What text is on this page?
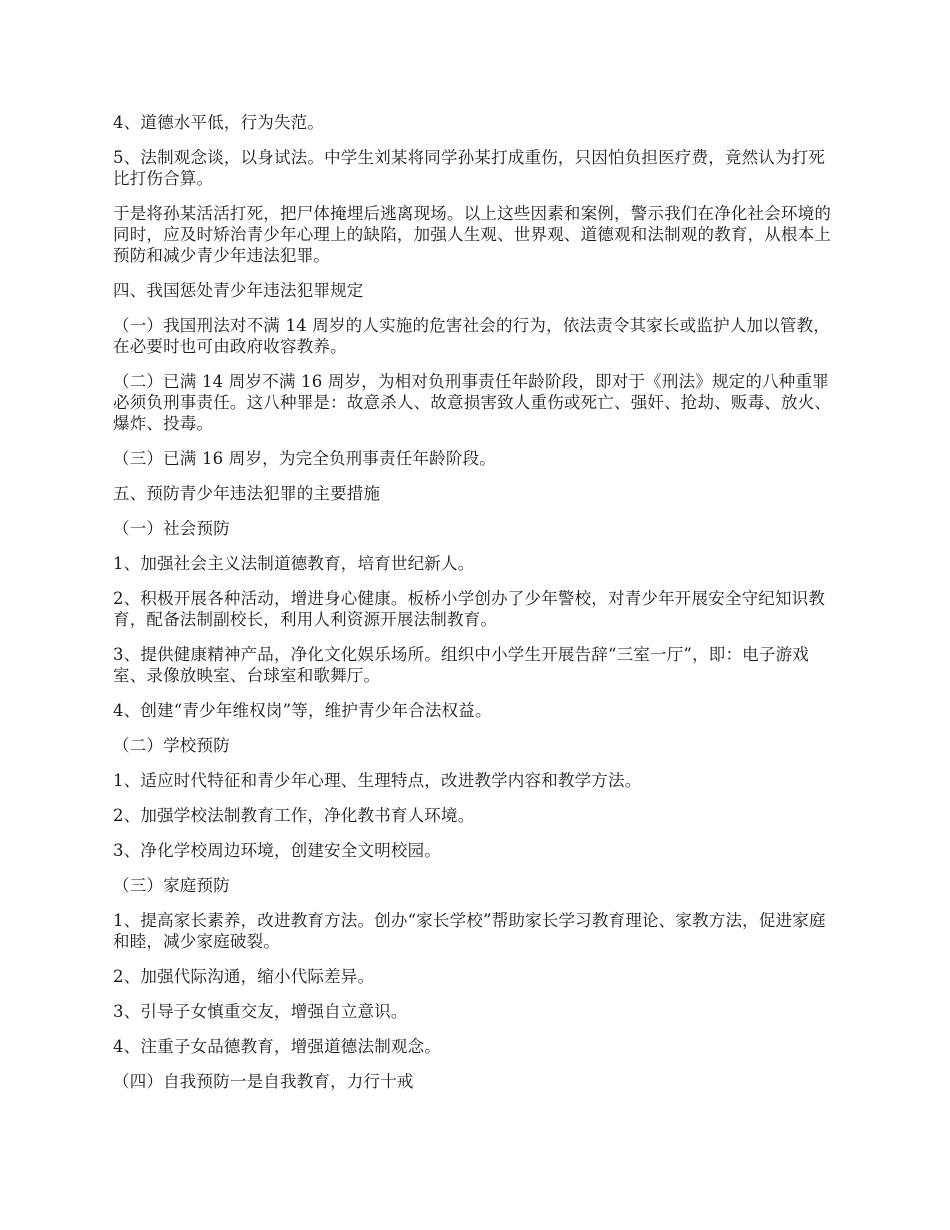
4、道德水平低，行为失范。

5、法制观念谈，以身试法。中学生刘某将同学孙某打成重伤，只因怕负担医疗费，竟然认为打死比打伤合算。

于是将孙某活活打死，把尸体掩埋后逃离现场。以上这些因素和案例，警示我们在净化社会环境的同时，应及时矫治青少年心理上的缺陷，加强人生观、世界观、道德观和法制观的教育，从根本上预防和减少青少年违法犯罪。

四、我国惩处青少年违法犯罪规定

（一）我国刑法对不满 14 周岁的人实施的危害社会的行为，依法责令其家长或监护人加以管教，在必要时也可由政府收容教养。

（二）已满 14 周岁不满 16 周岁，为相对负刑事责任年龄阶段，即对于《刑法》规定的八种重罪必须负刑事责任。这八种罪是：故意杀人、故意损害致人重伤或死亡、强奸、抢劫、贩毒、放火、爆炸、投毒。

（三）已满 16 周岁，为完全负刑事责任年龄阶段。

五、预防青少年违法犯罪的主要措施

（一）社会预防

1、加强社会主义法制道德教育，培育世纪新人。

2、积极开展各种活动，增进身心健康。板桥小学创办了少年警校，对青少年开展安全守纪知识教育，配备法制副校长，利用人利资源开展法制教育。

3、提供健康精神产品，净化文化娱乐场所。组织中小学生开展告辞“三室一厅”，即：电子游戏室、录像放映室、台球室和歌舞厅。

4、创建“青少年维权岗”等，维护青少年合法权益。

（二）学校预防

1、适应时代特征和青少年心理、生理特点，改进教学内容和教学方法。

2、加强学校法制教育工作，净化教书育人环境。

3、净化学校周边环境，创建安全文明校园。

（三）家庭预防

1、提高家长素养，改进教育方法。创办“家长学校”帮助家长学习教育理论、家教方法，促进家庭和睦，减少家庭破裂。

2、加强代际沟通，缩小代际差异。

3、引导子女慎重交友，增强自立意识。

4、注重子女品德教育，增强道德法制观念。

（四）自我预防一是自我教育，力行十戒
